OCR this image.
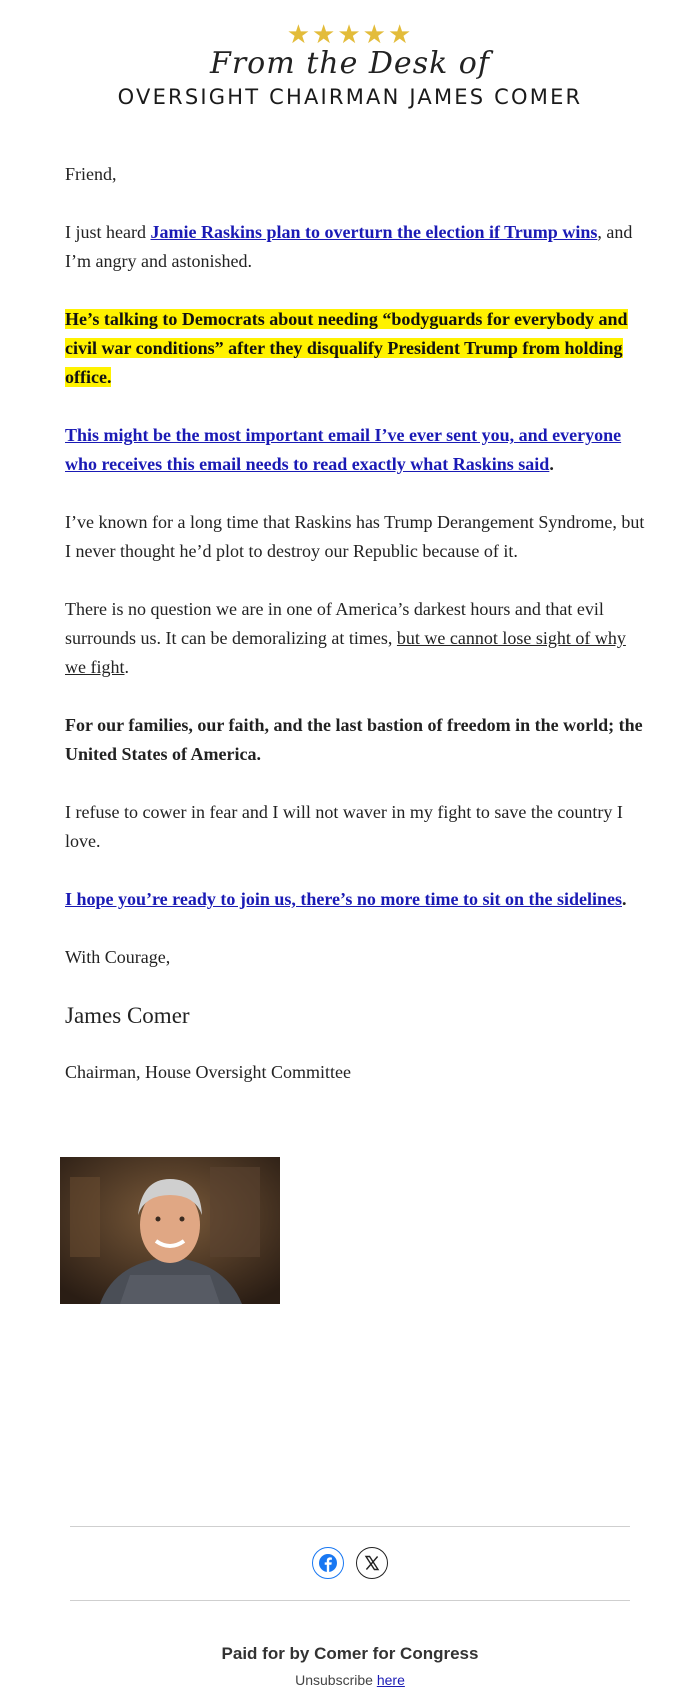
★★★★★
From the Desk of
OVERSIGHT CHAIRMAN JAMES COMER

Friend,

I just heard Jamie Raskins plan to overturn the election if Trump wins, and I’m angry and astonished.

He’s talking to Democrats about needing “bodyguards for everybody and civil war conditions” after they disqualify President Trump from holding office.

This might be the most important email I’ve ever sent you, and everyone who receives this email needs to read exactly what Raskins said.

I’ve known for a long time that Raskins has Trump Derangement Syndrome, but I never thought he’d plot to destroy our Republic because of it.

There is no question we are in one of America’s darkest hours and that evil surrounds us. It can be demoralizing at times, but we cannot lose sight of why we fight.

For our families, our faith, and the last bastion of freedom in the world; the United States of America.

I refuse to cower in fear and I will not waver in my fight to save the country I love.

I hope you’re ready to join us, there’s no more time to sit on the sidelines.

With Courage,

James Comer

Chairman, House Oversight Committee

Paid for by Comer for Congress
Unsubscribe here
